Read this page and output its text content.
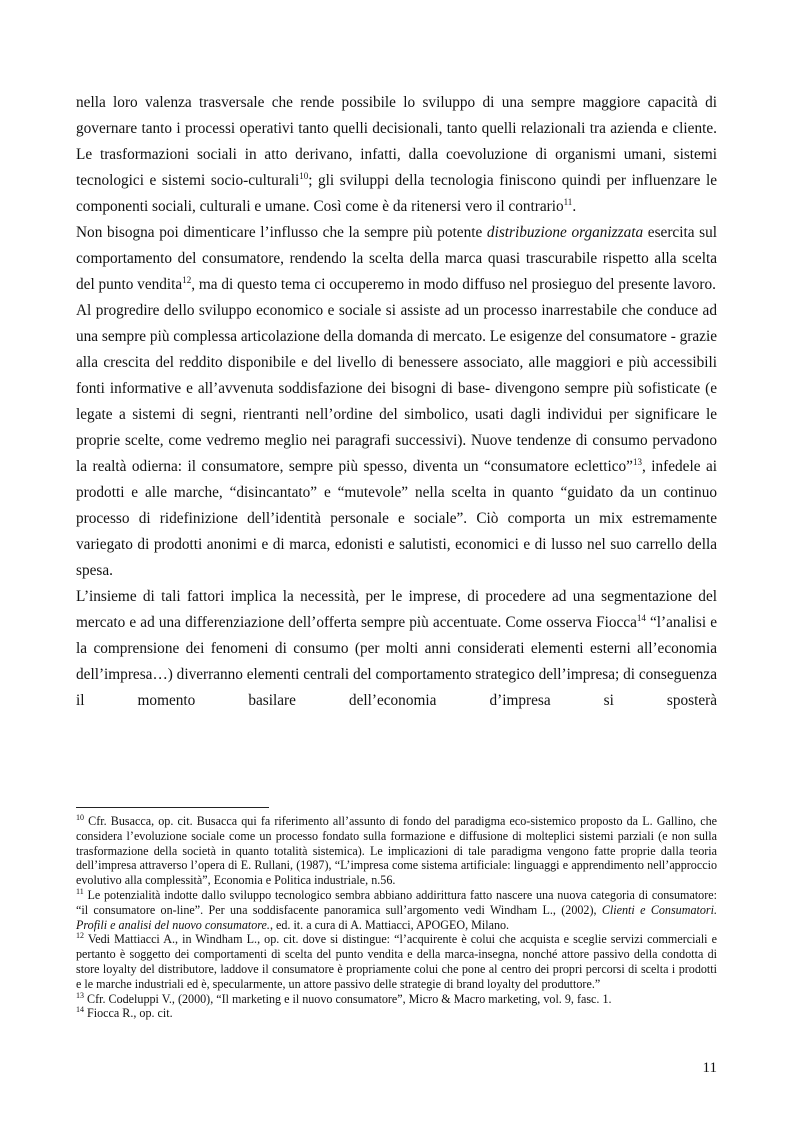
nella loro valenza trasversale che rende possibile lo sviluppo di una sempre maggiore capacità di governare tanto i processi operativi tanto quelli decisionali, tanto quelli relazionali tra azienda e cliente. Le trasformazioni sociali in atto derivano, infatti, dalla coevoluzione di organismi umani, sistemi tecnologici e sistemi socio-culturali$^{10}$; gli sviluppi della tecnologia finiscono quindi per influenzare le componenti sociali, culturali e umane. Così come è da ritenersi vero il contrario$^{11}$.

Non bisogna poi dimenticare l’influsso che la sempre più potente distribuzione organizzata esercita sul comportamento del consumatore, rendendo la scelta della marca quasi trascurabile rispetto alla scelta del punto vendita$^{12}$, ma di questo tema ci occuperemo in modo diffuso nel prosieguo del presente lavoro.

Al progredire dello sviluppo economico e sociale si assiste ad un processo inarrestabile che conduce ad una sempre più complessa articolazione della domanda di mercato. Le esigenze del consumatore - grazie alla crescita del reddito disponibile e del livello di benessere associato, alle maggiori e più accessibili fonti informative e all’avvenuta soddisfazione dei bisogni di base- divengono sempre più sofisticate (e legate a sistemi di segni, rientranti nell’ordine del simbolico, usati dagli individui per significare le proprie scelte, come vedremo meglio nei paragrafi successivi). Nuove tendenze di consumo pervadono la realtà odierna: il consumatore, sempre più spesso, diventa un “consumatore eclettico”$^{13}$, infedele ai prodotti e alle marche, “disincantato” e “mutevole” nella scelta in quanto “guidato da un continuo processo di ridefinizione dell’identità personale e sociale”. Ciò comporta un mix estremamente variegato di prodotti anonimi e di marca, edonisti e salutisti, economici e di lusso nel suo carrello della spesa.

L’insieme di tali fattori implica la necessità, per le imprese, di procedere ad una segmentazione del mercato e ad una differenziazione dell’offerta sempre più accentuate. Come osserva Fiocca$^{14}$ “l’analisi e la comprensione dei fenomeni di consumo (per molti anni considerati elementi esterni all’economia dell’impresa…) diverranno elementi centrali del comportamento strategico dell’impresa; di conseguenza il momento basilare dell’economia d’impresa si sposterà

$^{10}$ Cfr. Busacca, op. cit. Busacca qui fa riferimento all’assunto di fondo del paradigma eco-sistemico proposto da L. Gallino, che considera l’evoluzione sociale come un processo fondato sulla formazione e diffusione di molteplici sistemi parziali (e non sulla trasformazione della società in quanto totalità sistemica). Le implicazioni di tale paradigma vengono fatte proprie dalla teoria dell’impresa attraverso l’opera di E. Rullani, (1987), “L’impresa come sistema artificiale: linguaggi e apprendimento nell’approccio evolutivo alla complessità”, Economia e Politica industriale, n.56.

$^{11}$ Le potenzialità indotte dallo sviluppo tecnologico sembra abbiano addirittura fatto nascere una nuova categoria di consumatore: “il consumatore on-line”. Per una soddisfacente panoramica sull’argomento vedi Windham L., (2002), Clienti e Consumatori. Profili e analisi del nuovo consumatore., ed. it. a cura di A. Mattiacci, APOGEO, Milano.

$^{12}$ Vedi Mattiacci A., in Windham L., op. cit. dove si distingue: “l’acquirente è colui che acquista e sceglie servizi commerciali e pertanto è soggetto dei comportamenti di scelta del punto vendita e della marca-insegna, nonché attore passivo della condotta di store loyalty del distributore, laddove il consumatore è propriamente colui che pone al centro dei propri percorsi di scelta i prodotti e le marche industriali ed è, specularmente, un attore passivo delle strategie di brand loyalty del produttore.”

$^{13}$ Cfr. Codeluppi V., (2000), “Il marketing e il nuovo consumatore”, Micro & Macro marketing, vol. 9, fasc. 1.

$^{14}$ Fiocca R., op. cit.

11
